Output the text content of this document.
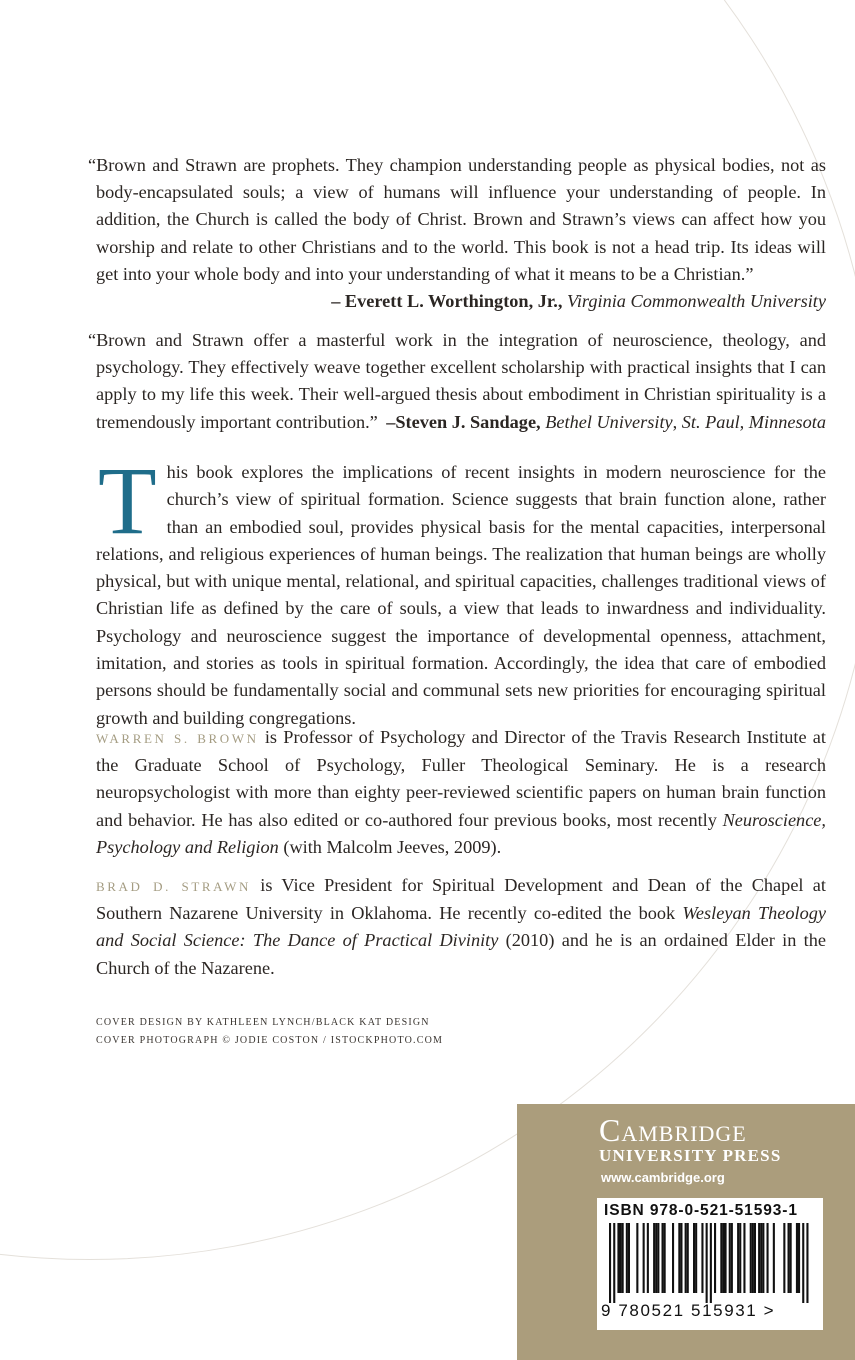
“Brown and Strawn are prophets. They champion understanding people as physical bodies, not as body-encapsulated souls; a view of humans will influence your understanding of people. In addition, the Church is called the body of Christ. Brown and Strawn’s views can affect how you worship and relate to other Christians and to the world. This book is not a head trip. Its ideas will get into your whole body and into your understanding of what it means to be a Christian.”
– Everett L. Worthington, Jr., Virginia Commonwealth University
“Brown and Strawn offer a masterful work in the integration of neuroscience, theology, and psychology. They effectively weave together excellent scholarship with practical insights that I can apply to my life this week. Their well-argued thesis about embodiment in Christian spirituality is a tremendously important contribution.” –Steven J. Sandage, Bethel University, St. Paul, Minnesota
This book explores the implications of recent insights in modern neuroscience for the church’s view of spiritual formation. Science suggests that brain function alone, rather than an embodied soul, provides physical basis for the mental capacities, interpersonal relations, and religious experiences of human beings. The realization that human beings are wholly physical, but with unique mental, relational, and spiritual capacities, challenges traditional views of Christian life as defined by the care of souls, a view that leads to inwardness and individuality. Psychology and neuroscience suggest the importance of developmental openness, attachment, imitation, and stories as tools in spiritual formation. Accordingly, the idea that care of embodied persons should be fundamentally social and communal sets new priorities for encouraging spiritual growth and building congregations.
WARREN S. BROWN is Professor of Psychology and Director of the Travis Research Institute at the Graduate School of Psychology, Fuller Theological Seminary. He is a research neuropsychologist with more than eighty peer-reviewed scientific papers on human brain function and behavior. He has also edited or co-authored four previous books, most recently Neuroscience, Psychology and Religion (with Malcolm Jeeves, 2009).
BRAD D. STRAWN is Vice President for Spiritual Development and Dean of the Chapel at Southern Nazarene University in Oklahoma. He recently co-edited the book Wesleyan Theology and Social Science: The Dance of Practical Divinity (2010) and he is an ordained Elder in the Church of the Nazarene.
COVER DESIGN BY KATHLEEN LYNCH/BLACK KAT DESIGN
COVER PHOTOGRAPH © JODIE COSTON / ISTOCKPHOTO.COM
Cambridge
UNIVERSITY PRESS
www.cambridge.org
ISBN 978-0-521-51593-1
9 780521 515931 >
